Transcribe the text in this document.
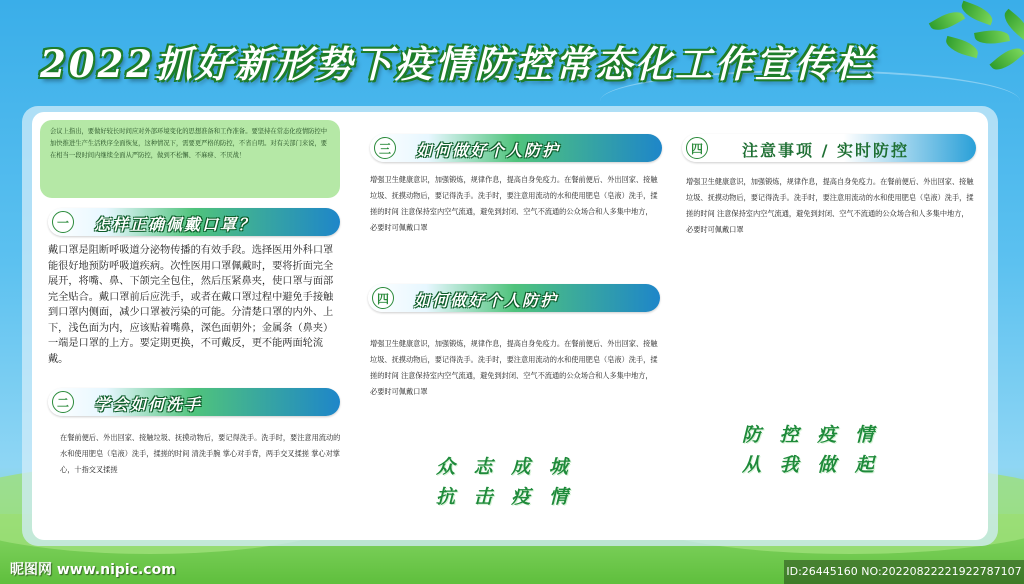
2022抓好新形势下疫情防控常态化工作宣传栏
会议上指出，要做好较长时间应对外部环境变化的思想准备和工作准备。要坚持在常态化疫情防控中加快推进生产生活秩序全面恢复，这种情况下，需要更严格的防控，不省自明。对有关部门来说，要在相当一段时间内继续全面从严防控，做到不松懈、不麻痹、不厌战！
一	怎样正确佩戴口罩？
戴口罩是阻断呼吸道分泌物传播的有效手段。选择医用外科口罩能很好地预防呼吸道疾病。次性医用口罩佩戴时，要将折面完全展开，将嘴、鼻、下颌完全包住，然后压紧鼻夹，使口罩与面部完全贴合。戴口罩前后应洗手，或者在戴口罩过程中避免手接触到口罩内侧面，减少口罩被污染的可能。分清楚口罩的内外、上下，浅色面为内，应该贴着嘴鼻，深色面朝外；金属条（鼻夹）一端是口罩的上方。要定期更换，不可戴反，更不能两面轮流戴。
二	学会如何洗手
在餐前便后、外出回家、接触垃圾、抚摸动物后，要记得洗手。洗手时，要注意用流动的水和使用肥皂（皂液）洗手，揉搓的时间 清洗手腕 掌心对手背，两手交叉揉搓 掌心对掌心，十指交叉揉搓
三	如何做好个人防护
增强卫生健康意识，加强锻炼，规律作息，提高自身免疫力。在餐前便后、外出回家、接触垃圾、抚摸动物后，要记得洗手。洗手时，要注意用流动的水和使用肥皂（皂液）洗手，揉搓的时间 注意保持室内空气流通，避免到封闭、空气不流通的公众场合和人多集中地方，必要时可佩戴口罩
四	如何做好个人防护
增强卫生健康意识，加强锻炼，规律作息，提高自身免疫力。在餐前便后、外出回家、接触垃圾、抚摸动物后，要记得洗手。洗手时，要注意用流动的水和使用肥皂（皂液）洗手，揉搓的时间 注意保持室内空气流通，避免到封闭、空气不流通的公众场合和人多集中地方，必要时可佩戴口罩
四	注意事项 / 实时防控
增强卫生健康意识，加强锻炼，规律作息，提高自身免疫力。在餐前便后、外出回家、接触垃圾、抚摸动物后，要记得洗手。洗手时，要注意用流动的水和使用肥皂（皂液）洗手，揉搓的时间 注意保持室内空气流通，避免到封闭、空气不流通的公众场合和人多集中地方，必要时可佩戴口罩
众 志 成 城
抗 击 疫 情
防 控 疫 情
从 我 做 起
昵图网 www.nipic.com	ID:26445160 NO:20220822221922787107
